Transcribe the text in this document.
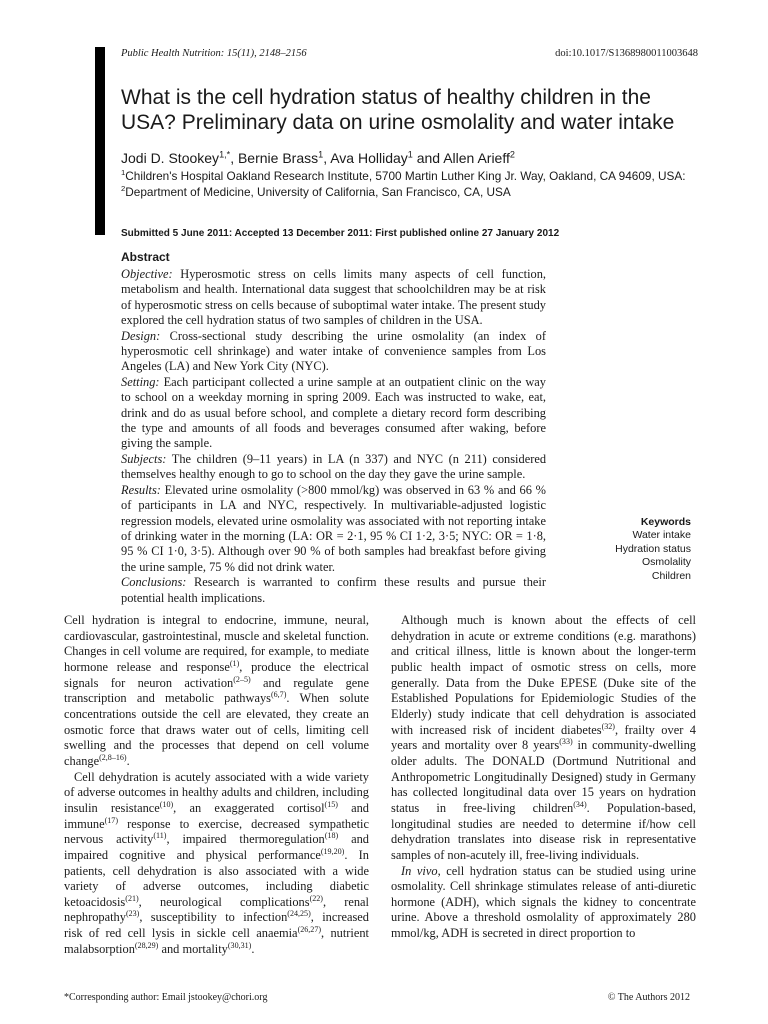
Public Health Nutrition: 15(11), 2148–2156	doi:10.1017/S1368980011003648
What is the cell hydration status of healthy children in the USA? Preliminary data on urine osmolality and water intake
Jodi D. Stookey$^{1,*}$, Bernie Brass$^1$, Ava Holliday$^1$ and Allen Arieff$^2$
$^1$Children's Hospital Oakland Research Institute, 5700 Martin Luther King Jr. Way, Oakland, CA 94609, USA:
$^2$Department of Medicine, University of California, San Francisco, CA, USA
Submitted 5 June 2011: Accepted 13 December 2011: First published online 27 January 2012
Abstract

Objective: Hyperosmotic stress on cells limits many aspects of cell function, metabolism and health. International data suggest that schoolchildren may be at risk of hyperosmotic stress on cells because of suboptimal water intake. The present study explored the cell hydration status of two samples of children in the USA.

Design: Cross-sectional study describing the urine osmolality (an index of hyperosmotic cell shrinkage) and water intake of convenience samples from Los Angeles (LA) and New York City (NYC).

Setting: Each participant collected a urine sample at an outpatient clinic on the way to school on a weekday morning in spring 2009. Each was instructed to wake, eat, drink and do as usual before school, and complete a dietary record form describing the type and amounts of all foods and beverages consumed after waking, before giving the sample.

Subjects: The children (9–11 years) in LA (n 337) and NYC (n 211) considered themselves healthy enough to go to school on the day they gave the urine sample.

Results: Elevated urine osmolality (>800 mmol/kg) was observed in 63 % and 66 % of participants in LA and NYC, respectively. In multivariable-adjusted logistic regression models, elevated urine osmolality was associated with not reporting intake of drinking water in the morning (LA: OR = 2·1, 95 % CI 1·2, 3·5; NYC: OR = 1·8, 95 % CI 1·0, 3·5). Although over 90 % of both samples had breakfast before giving the urine sample, 75 % did not drink water.

Conclusions: Research is warranted to confirm these results and pursue their potential health implications.

Keywords
Water intake
Hydration status
Osmolality
Children

Cell hydration is integral to endocrine, immune, neural, cardiovascular, gastrointestinal, muscle and skeletal function. Changes in cell volume are required, for example, to mediate hormone release and response$^{(1)}$, produce the electrical signals for neuron activation$^{(2-5)}$ and regulate gene transcription and metabolic pathways$^{(6,7)}$. When solute concentrations outside the cell are elevated, they create an osmotic force that draws water out of cells, limiting cell swelling and the processes that depend on cell volume change$^{(2,8-16)}$.

Cell dehydration is acutely associated with a wide variety of adverse outcomes in healthy adults and children, including insulin resistance$^{(10)}$, an exaggerated cortisol$^{(15)}$ and immune$^{(17)}$ response to exercise, decreased sympathetic nervous activity$^{(11)}$, impaired thermoregulation$^{(18)}$ and impaired cognitive and physical performance$^{(19,20)}$. In patients, cell dehydration is also associated with a wide variety of adverse outcomes, including diabetic ketoacidosis$^{(21)}$, neurological complications$^{(22)}$, renal nephropathy$^{(23)}$, susceptibility to infection$^{(24,25)}$, increased risk of red cell lysis in sickle cell anaemia$^{(26,27)}$, nutrient malabsorption$^{(28,29)}$ and mortality$^{(30,31)}$.

Although much is known about the effects of cell dehydration in acute or extreme conditions (e.g. marathons) and critical illness, little is known about the longer-term public health impact of osmotic stress on cells, more generally. Data from the Duke EPESE (Duke site of the Established Populations for Epidemiologic Studies of the Elderly) study indicate that cell dehydration is associated with increased risk of incident diabetes$^{(32)}$, frailty over 4 years and mortality over 8 years$^{(33)}$ in community-dwelling older adults. The DONALD (Dortmund Nutritional and Anthropometric Longitudinally Designed) study in Germany has collected longitudinal data over 15 years on hydration status in free-living children$^{(34)}$. Population-based, longitudinal studies are needed to determine if/how cell dehydration translates into disease risk in representative samples of non-acutely ill, free-living individuals.

In vivo, cell hydration status can be studied using urine osmolality. Cell shrinkage stimulates release of anti-diuretic hormone (ADH), which signals the kidney to concentrate urine. Above a threshold osmolality of approximately 280 mmol/kg, ADH is secreted in direct proportion to

*Corresponding author: Email jstookey@chori.org	© The Authors 2012
